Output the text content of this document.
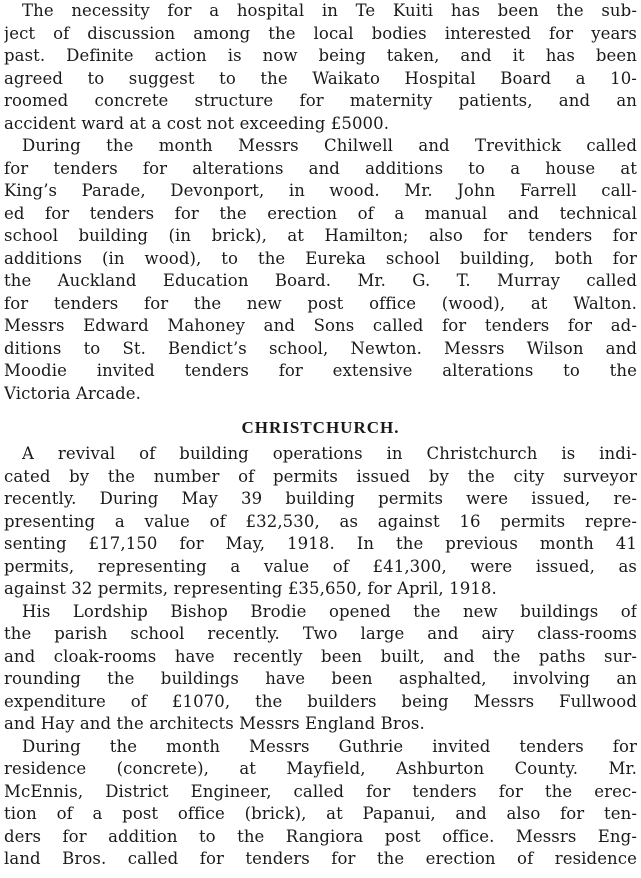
The necessity for a hospital in Te Kuiti has been the sub-
ject of discussion among the local bodies interested for years
past. Definite action is now being taken, and it has been
agreed to suggest to the Waikato Hospital Board a 10-
roomed concrete structure for maternity patients, and an
accident ward at a cost not exceeding £5000.
During the month Messrs Chilwell and Trevithick called
for tenders for alterations and additions to a house at
King’s Parade, Devonport, in wood. Mr. John Farrell call-
ed for tenders for the erection of a manual and technical
school building (in brick), at Hamilton; also for tenders for
additions (in wood), to the Eureka school building, both for
the Auckland Education Board. Mr. G. T. Murray called
for tenders for the new post office (wood), at Walton.
Messrs Edward Mahoney and Sons called for tenders for ad-
ditions to St. Bendict’s school, Newton. Messrs Wilson and
Moodie invited tenders for extensive alterations to the
Victoria Arcade.
CHRISTCHURCH.
A revival of building operations in Christchurch is indi-
cated by the number of permits issued by the city surveyor
recently. During May 39 building permits were issued, re-
presenting a value of £32,530, as against 16 permits repre-
senting £17,150 for May, 1918. In the previous month 41
permits, representing a value of £41,300, were issued, as
against 32 permits, representing £35,650, for April, 1918.
His Lordship Bishop Brodie opened the new buildings of
the parish school recently. Two large and airy class-rooms
and cloak-rooms have recently been built, and the paths sur-
rounding the buildings have been asphalted, involving an
expenditure of £1070, the builders being Messrs Fullwood
and Hay and the architects Messrs England Bros.
During the month Messrs Guthrie invited tenders for
residence (concrete), at Mayfield, Ashburton County. Mr.
McEnnis, District Engineer, called for tenders for the erec-
tion of a post office (brick), at Papanui, and also for ten-
ders for addition to the Rangiora post office. Messrs Eng-
land Bros. called for tenders for the erection of residence
